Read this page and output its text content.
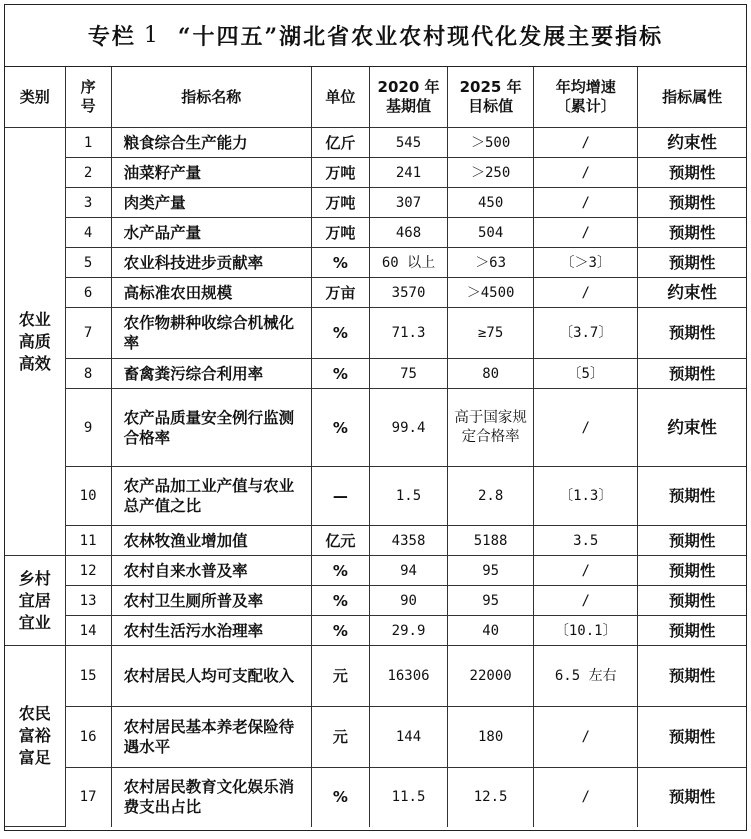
专栏 1 “十四五”湖北省农业农村现代化发展主要指标
类别	序号	指标名称	单位	2020 年基期值	2025 年目标值	年均增速〔累计〕	指标属性

农业高质高效	1	粮食综合生产能力	亿斤	545	＞500	/	约束性
	2	油菜籽产量	万吨	241	＞250	/	预期性
	3	肉类产量	万吨	307	450	/	预期性
	4	水产品产量	万吨	468	504	/	预期性
	5	农业科技进步贡献率	%	60 以上	＞63	〔＞3〕	预期性
	6	高标准农田规模	万亩	3570	＞4500	/	约束性
	7	农作物耕种收综合机械化率	%	71.3	≥75	〔3.7〕	预期性
	8	畜禽粪污综合利用率	%	75	80	〔5〕	预期性
	9	农产品质量安全例行监测合格率	%	99.4	高于国家规定合格率	/	约束性
	10	农产品加工业产值与农业总产值之比	—	1.5	2.8	〔1.3〕	预期性
	11	农林牧渔业增加值	亿元	4358	5188	3.5	预期性

乡村宜居宜业	12	农村自来水普及率	%	94	95	/	预期性
	13	农村卫生厕所普及率	%	90	95	/	预期性
	14	农村生活污水治理率	%	29.9	40	〔10.1〕	预期性

农民富裕富足	15	农村居民人均可支配收入	元	16306	22000	6.5 左右	预期性
	16	农村居民基本养老保险待遇水平	元	144	180	/	预期性
	17	农村居民教育文化娱乐消费支出占比	%	11.5	12.5	/	预期性
